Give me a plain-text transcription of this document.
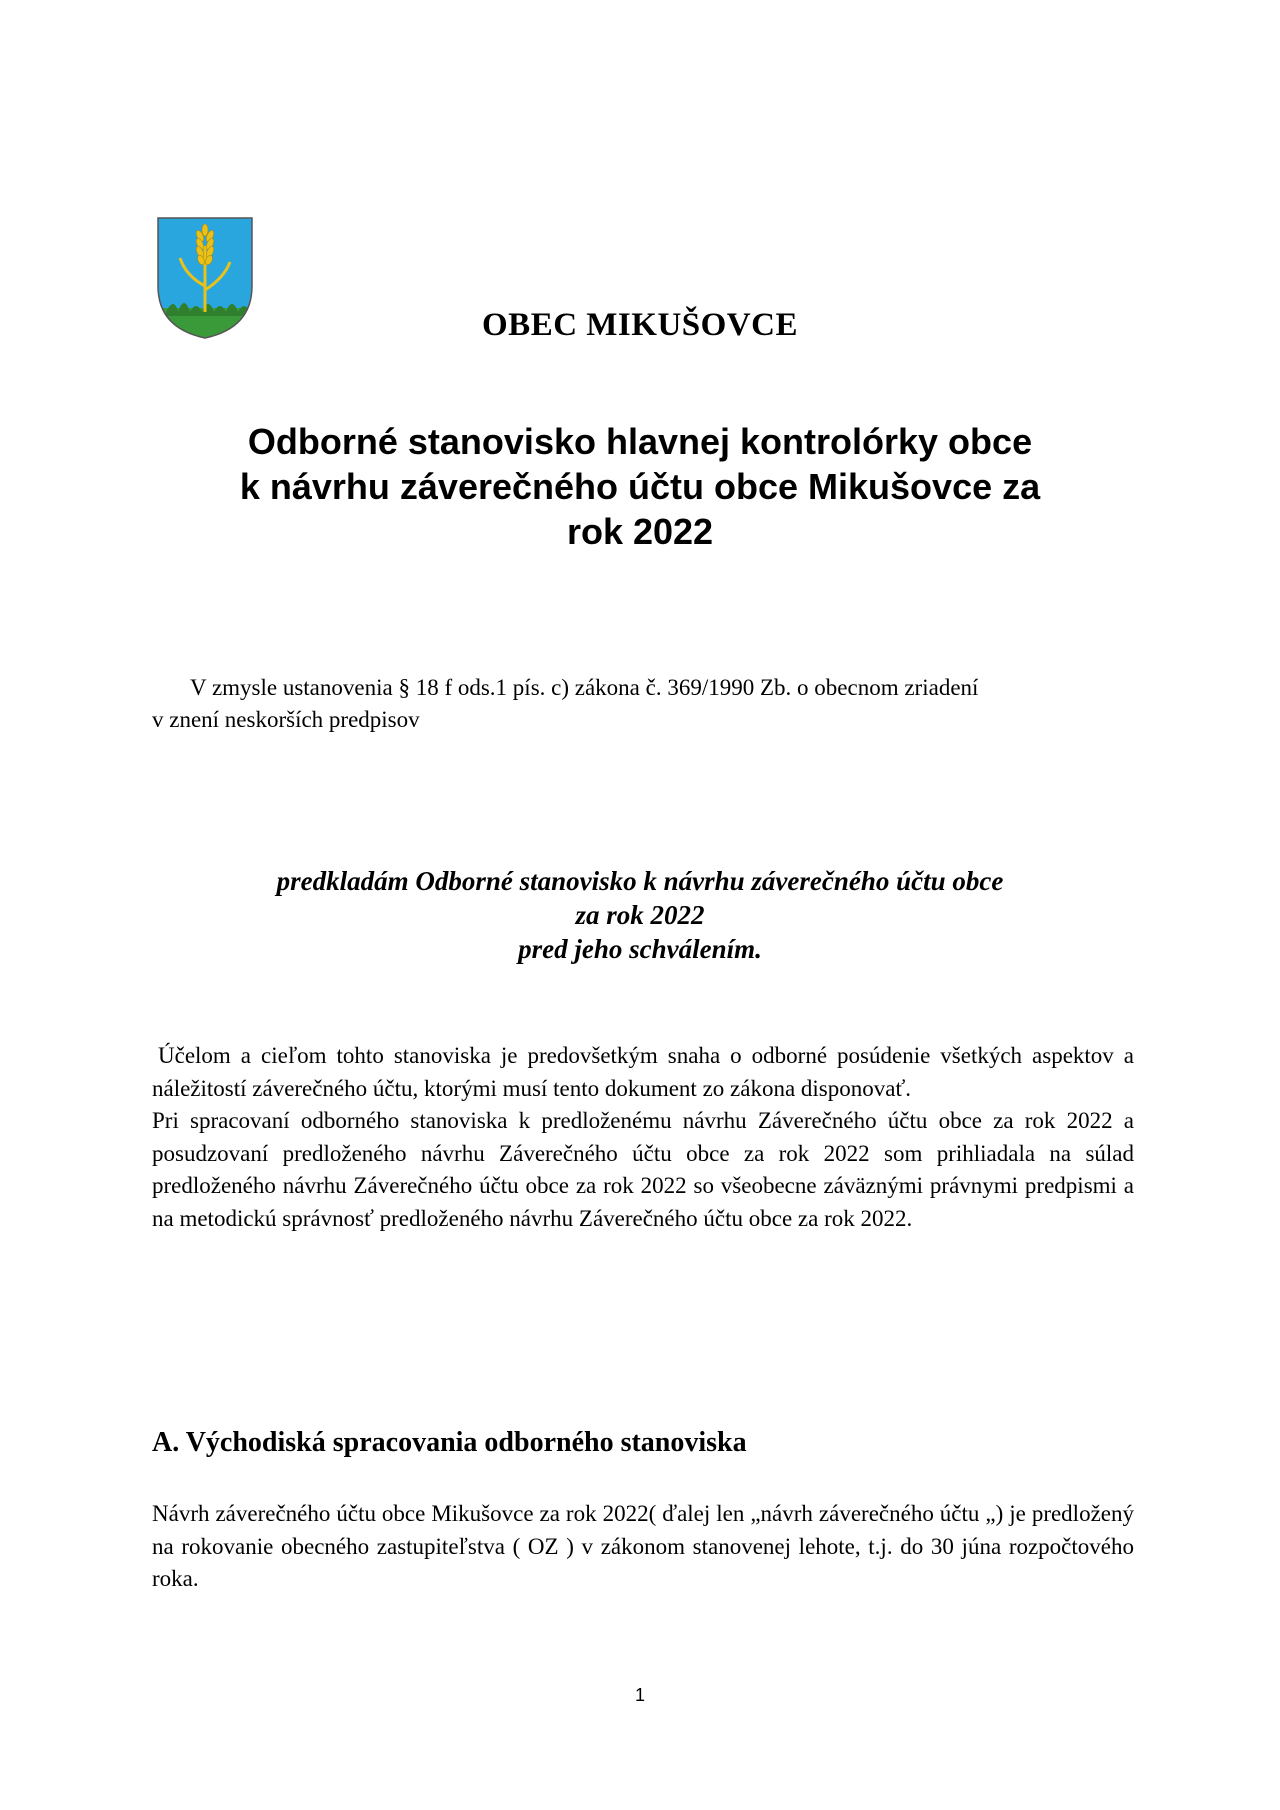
OBEC MIKUŠOVCE
Odborné stanovisko hlavnej kontrolórky obce
k návrhu záverečného účtu obce Mikušovce za
rok 2022
V zmysle ustanovenia § 18 f ods.1 pís. c) zákona č. 369/1990 Zb. o obecnom zriadení
v znení neskorších predpisov
predkladám Odborné stanovisko k návrhu záverečného účtu obce
za rok 2022
pred jeho schválením.

Účelom a cieľom tohto stanoviska je predovšetkým snaha o odborné posúdenie všetkých aspektov a náležitostí záverečného účtu, ktorými musí tento dokument zo zákona disponovať.

Pri spracovaní odborného stanoviska k predloženému návrhu Záverečného účtu obce za rok 2022 a posudzovaní predloženého návrhu Záverečného účtu obce za rok 2022 som prihliadala na súlad predloženého návrhu Záverečného účtu obce za rok 2022 so všeobecne záväznými právnymi predpismi a na metodickú správnosť predloženého návrhu Záverečného účtu obce za rok 2022.

A. Východiská spracovania odborného stanoviska
Návrh záverečného účtu obce Mikušovce za rok 2022( ďalej len „návrh záverečného účtu „) je predložený na rokovanie obecného zastupiteľstva ( OZ ) v zákonom stanovenej lehote, t.j. do 30 júna rozpočtového roka.
1
